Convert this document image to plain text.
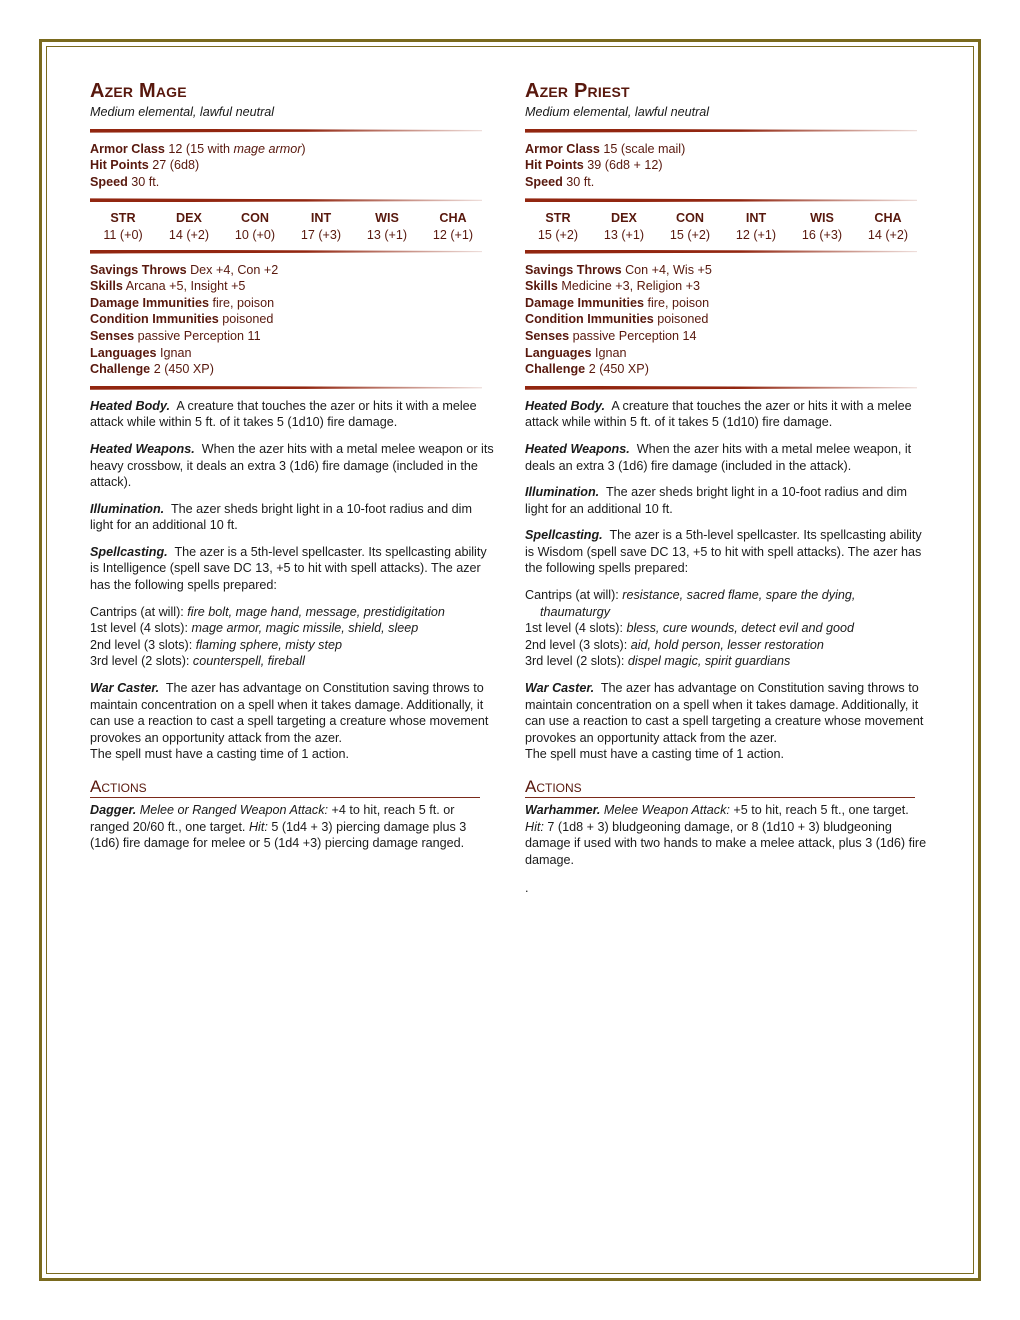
Azer Mage

Medium elemental, lawful neutral

Armor Class 12 (15 with mage armor)

Hit Points 27 (6d8)

Speed 30 ft.

STR
11 (+0)
DEX
14 (+2)
CON
10 (+0)
INT
17 (+3)
WIS
13 (+1)
CHA
12 (+1)

Savings Throws Dex +4, Con +2

Skills Arcana +5, Insight +5

Damage Immunities fire, poison

Condition Immunities poisoned

Senses passive Perception 11

Languages Ignan

Challenge 2 (450 XP)

Heated Body. A creature that touches the azer or hits it with a melee attack while within 5 ft. of it takes 5 (1d10) fire damage.

Heated Weapons. When the azer hits with a metal melee weapon or its heavy crossbow, it deals an extra 3 (1d6) fire damage (included in the attack).

Illumination. The azer sheds bright light in a 10-foot radius and dim light for an additional 10 ft.

Spellcasting. The azer is a 5th-level spellcaster. Its spellcasting ability is Intelligence (spell save DC 13, +5 to hit with spell attacks). The azer has the following spells prepared:

Cantrips (at will): fire bolt, mage hand, message, prestidigitation

1st level (4 slots): mage armor, magic missile, shield, sleep

2nd level (3 slots): flaming sphere, misty step

3rd level (2 slots): counterspell, fireball

War Caster. The azer has advantage on Constitution saving throws to maintain concentration on a spell when it takes damage. Additionally, it can use a reaction to cast a spell targeting a creature whose movement provokes an opportunity attack from the azer.

The spell must have a casting time of 1 action.

Actions

Dagger. Melee or Ranged Weapon Attack: +4 to hit, reach 5 ft. or ranged 20/60 ft., one target. Hit: 5 (1d4 + 3) piercing damage plus 3 (1d6) fire damage for melee or 5 (1d4 +3) piercing damage ranged.

Azer Priest

Medium elemental, lawful neutral

Armor Class 15 (scale mail)

Hit Points 39 (6d8 + 12)

Speed 30 ft.

STR
15 (+2)
DEX
13 (+1)
CON
15 (+2)
INT
12 (+1)
WIS
16 (+3)
CHA
14 (+2)

Savings Throws Con +4, Wis +5

Skills Medicine +3, Religion +3

Damage Immunities fire, poison

Condition Immunities poisoned

Senses passive Perception 14

Languages Ignan

Challenge 2 (450 XP)

Heated Body. A creature that touches the azer or hits it with a melee attack while within 5 ft. of it takes 5 (1d10) fire damage.

Heated Weapons. When the azer hits with a metal melee weapon, it deals an extra 3 (1d6) fire damage (included in the attack).

Illumination. The azer sheds bright light in a 10-foot radius and dim light for an additional 10 ft.

Spellcasting. The azer is a 5th-level spellcaster. Its spellcasting ability is Wisdom (spell save DC 13, +5 to hit with spell attacks). The azer has the following spells prepared:

Cantrips (at will): resistance, sacred flame, spare the dying,

thaumaturgy

1st level (4 slots): bless, cure wounds, detect evil and good

2nd level (3 slots): aid, hold person, lesser restoration

3rd level (2 slots): dispel magic, spirit guardians

War Caster. The azer has advantage on Constitution saving throws to maintain concentration on a spell when it takes damage. Additionally, it can use a reaction to cast a spell targeting a creature whose movement provokes an opportunity attack from the azer.

The spell must have a casting time of 1 action.

Actions

Warhammer. Melee Weapon Attack: +5 to hit, reach 5 ft., one target. Hit: 7 (1d8 + 3) bludgeoning damage, or 8 (1d10 + 3) bludgeoning damage if used with two hands to make a melee attack, plus 3 (1d6) fire damage.

.
